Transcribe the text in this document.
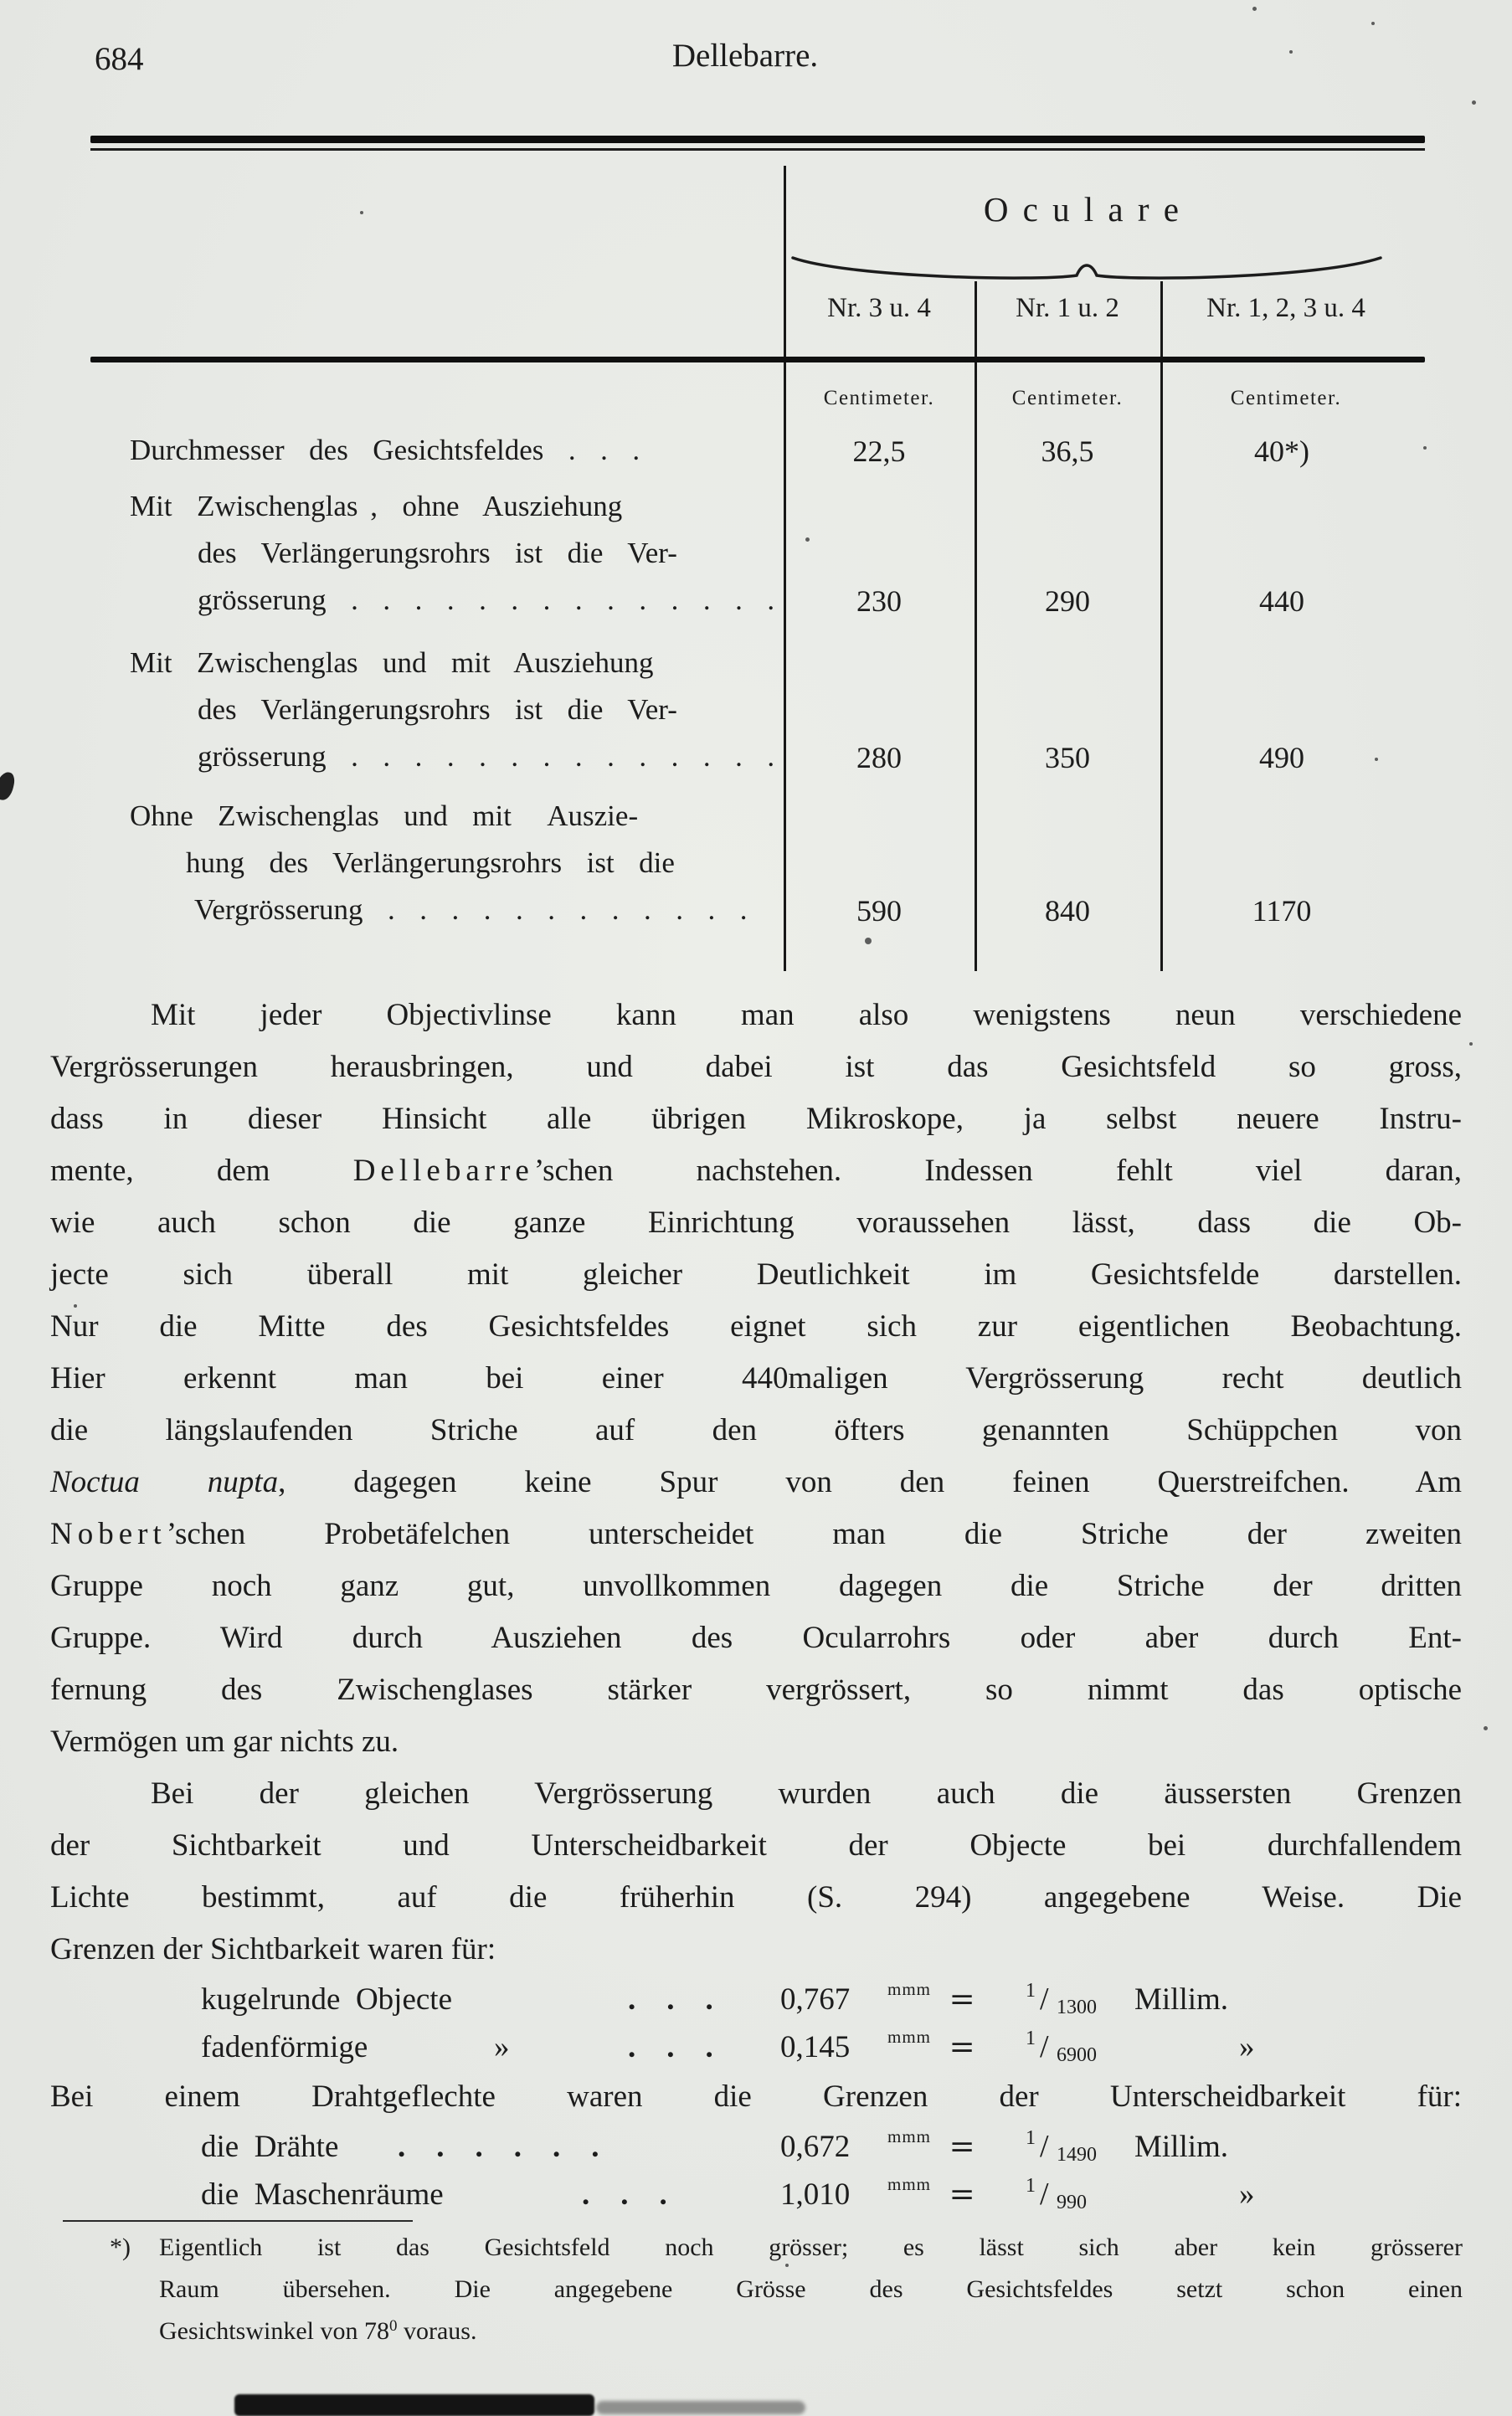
684	Dellebarre.
Oculare
Nr. 3 u. 4	Nr. 1 u. 2	Nr. 1, 2, 3 u. 4
Centimeter.	Centimeter.	Centimeter.
Durchmesser  des  Gesichtsfeldes  .  .  .	22,5	36,5	40*)
Mit  Zwischenglas ,  ohne  Ausziehung
des  Verlängerungsrohrs  ist  die  Ver-
grösserung  .  .  .  .  .  .  .  .  .  .  .  .  .  .	230	290	440
Mit  Zwischenglas  und  mit  Ausziehung
des  Verlängerungsrohrs  ist  die  Ver-
grösserung  .  .  .  .  .  .  .  .  .  .  .  .  .  .	280	350	490
Ohne  Zwischenglas  und  mit   Auszie-
hung  des  Verlängerungsrohrs  ist  die
Vergrösserung  .  .  .  .  .  .  .  .  .  .  .  .	590	840	1170
Mit jeder Objectivlinse kann man also wenigstens neun verschiedene
Vergrösserungen herausbringen, und dabei ist das Gesichtsfeld so gross,
dass in dieser Hinsicht alle übrigen Mikroskope, ja selbst neuere Instru-
mente, dem Dellebarre’schen nachstehen. Indessen fehlt viel daran,
wie auch schon die ganze Einrichtung voraussehen lässt, dass die Ob-
jecte sich überall mit gleicher Deutlichkeit im Gesichtsfelde darstellen.
Nur die Mitte des Gesichtsfeldes eignet sich zur eigentlichen Beobachtung.
Hier erkennt man bei einer 440maligen Vergrösserung recht deutlich
die längslaufenden Striche auf den öfters genannten Schüppchen von
Noctua nupta, dagegen keine Spur von den feinen Querstreifchen. Am
Nobert’schen Probetäfelchen unterscheidet man die Striche der zweiten
Gruppe noch ganz gut, unvollkommen dagegen die Striche der dritten
Gruppe. Wird durch Ausziehen des Ocularrohrs oder aber durch Ent-
fernung des Zwischenglases stärker vergrössert, so nimmt das optische
Vermögen um gar nichts zu.
Bei der gleichen Vergrösserung wurden auch die äussersten Grenzen
der Sichtbarkeit und Unterscheidbarkeit der Objecte bei durchfallendem
Lichte bestimmt, auf die früherhin (S. 294) angegebene Weise. Die
Grenzen der Sichtbarkeit waren für:
kugelrunde  Objecte	.    .    . 0,767 mmm =	1 / 1300 Millim.
fadenförmige	»	.    .    . 0,145 mmm =	1 / 6900	»
Bei einem Drahtgeflechte waren die Grenzen der Unterscheidbarkeit für:
die  Drähte .    .    .    .    .    .	0,672 mmm =	1 / 1490 Millim.
die  Maschenräume	.    .    .	1,010 mmm =	1 / 990	»
*) Eigentlich ist das Gesichtsfeld noch grösser; es lässt sich aber kein grösserer
Raum übersehen. Die angegebene Grösse des Gesichtsfeldes setzt schon einen
Gesichtswinkel von 78$^0$ voraus.
